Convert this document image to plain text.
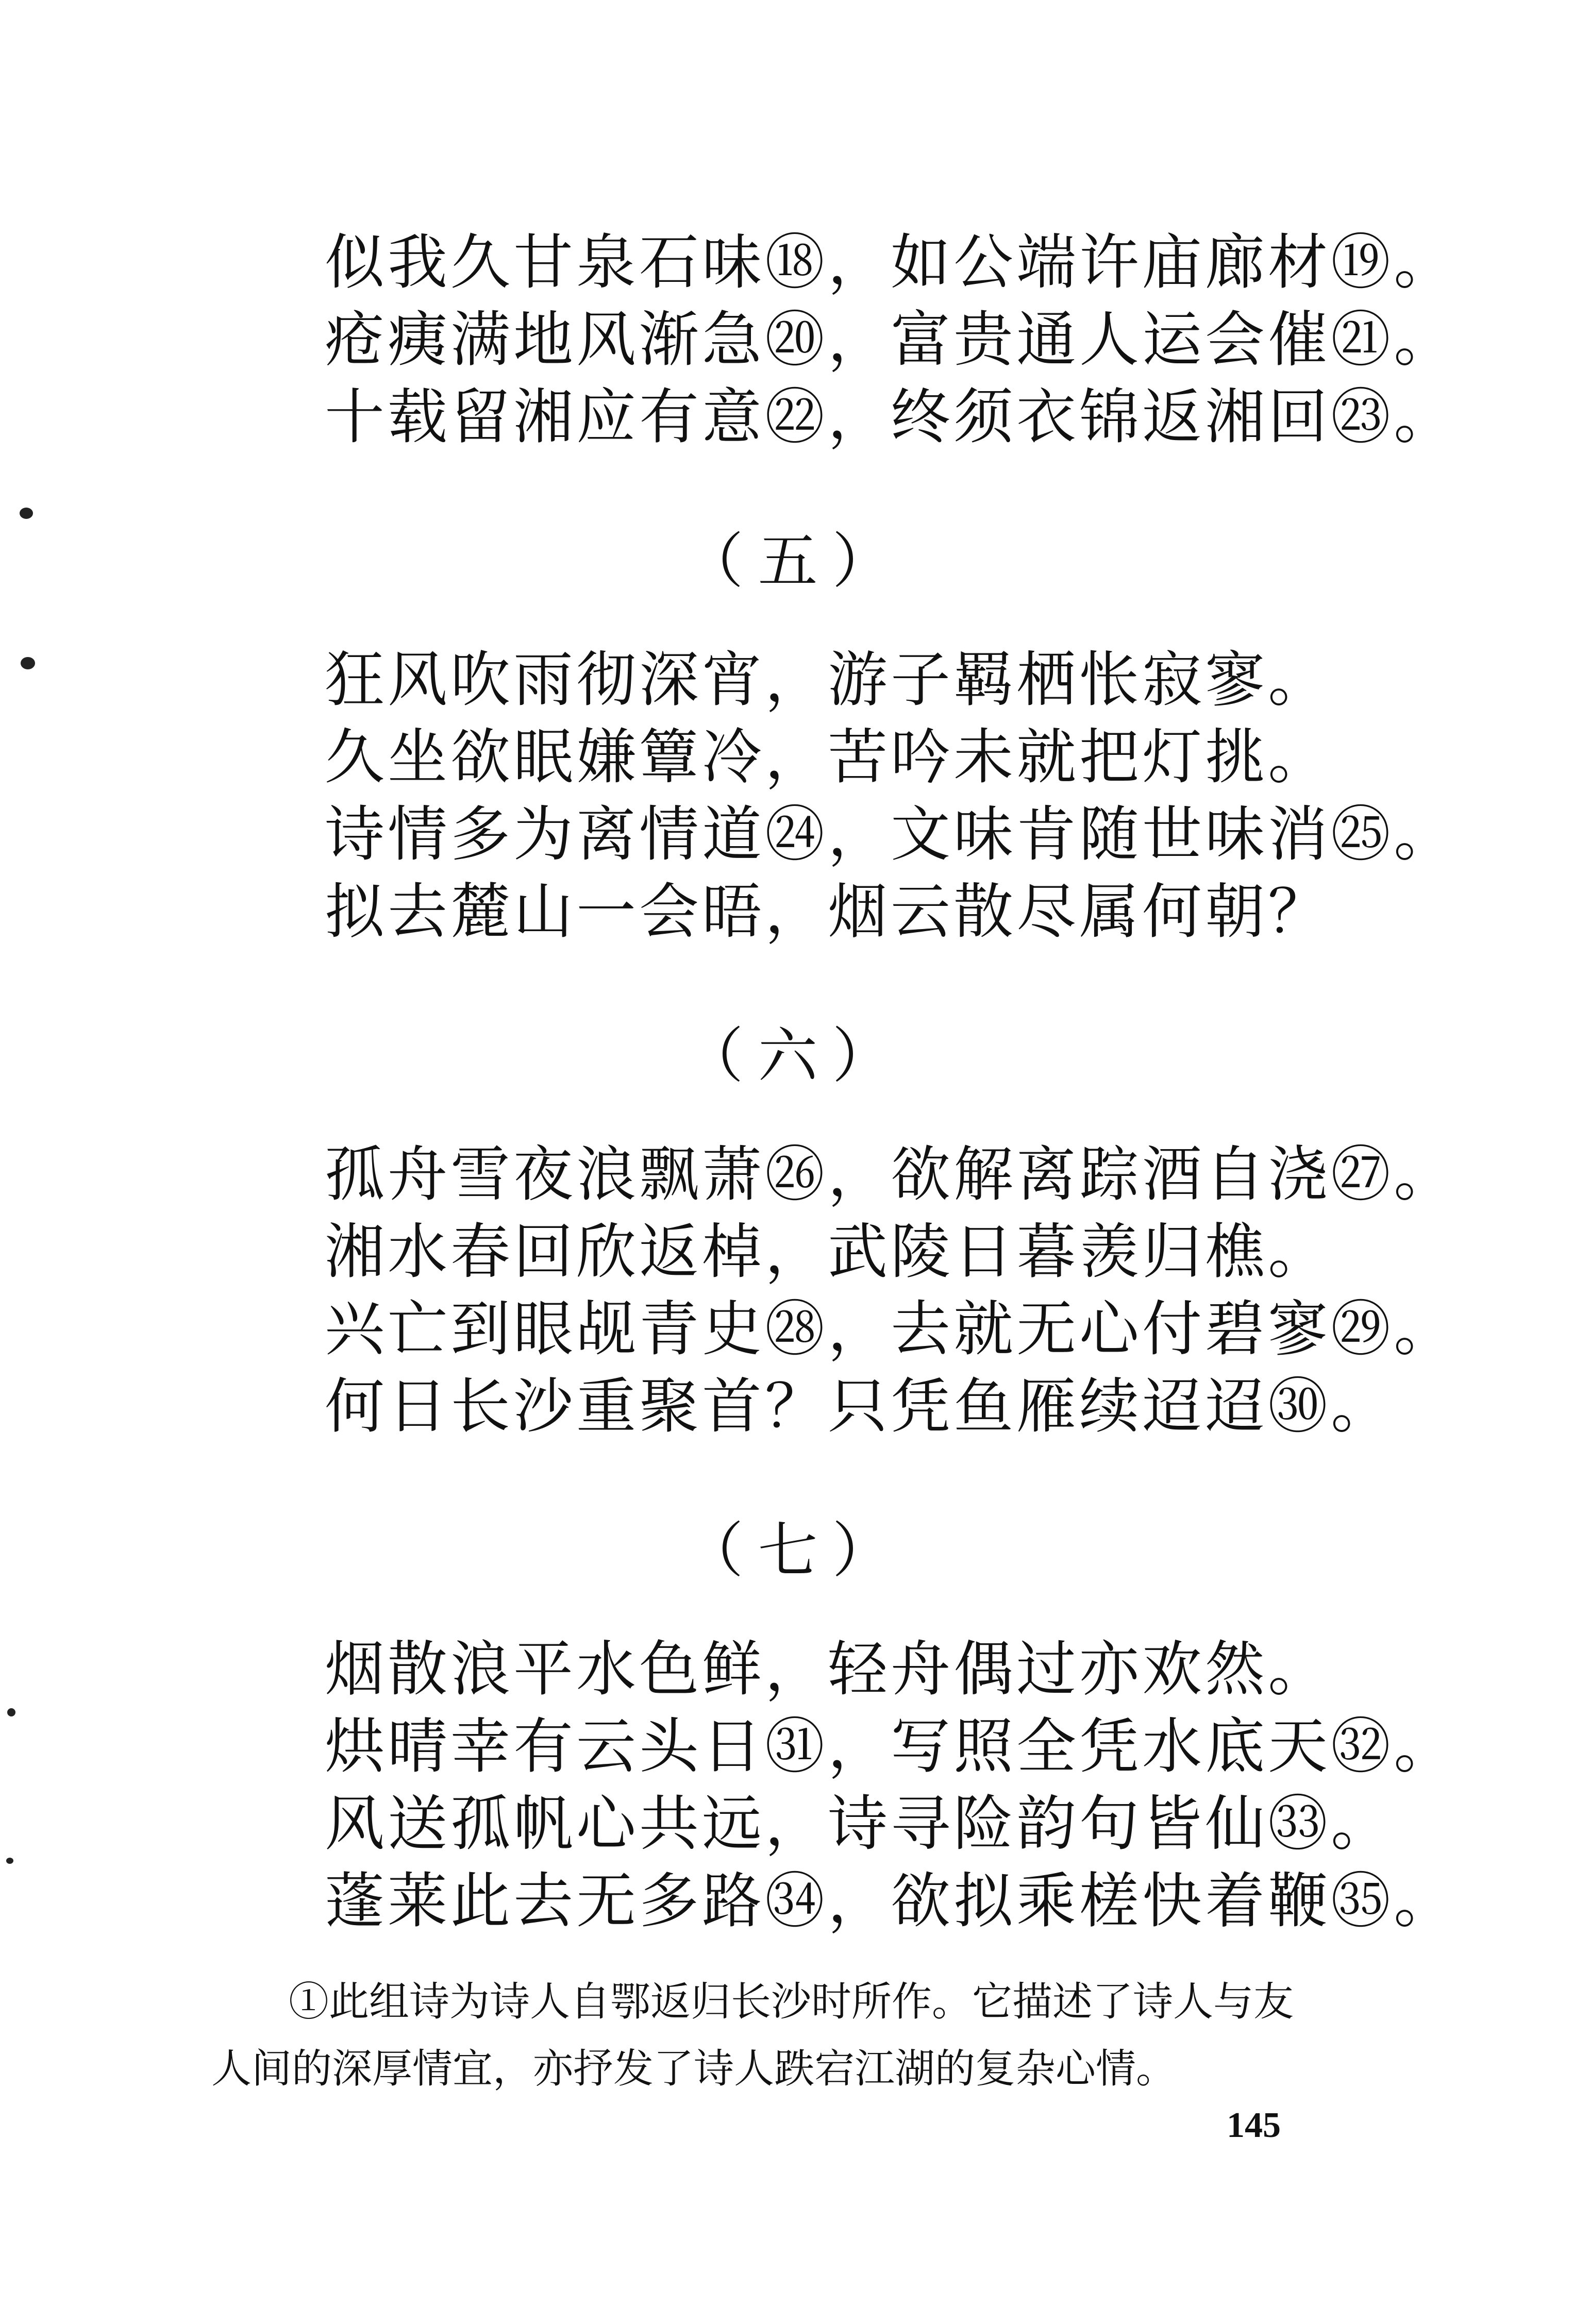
似我久甘泉石味⑱，如公端许庙廊材⑲。
疮痍满地风渐急⑳，富贵通人运会催㉑。
十载留湘应有意㉒，终须衣锦返湘回㉓。
（五）
狂风吹雨彻深宵，游子羁栖怅寂寥。
久坐欲眠嫌簟冷，苦吟未就把灯挑。
诗情多为离情道㉔，文味肯随世味消㉕。
拟去麓山一会晤，烟云散尽属何朝？
（六）
孤舟雪夜浪飘萧㉖，欲解离踪酒自浇㉗。
湘水春回欣返棹，武陵日暮羡归樵。
兴亡到眼觇青史㉘，去就无心付碧寥㉙。
何日长沙重聚首？只凭鱼雁续迢迢㉚。
（七）
烟散浪平水色鲜，轻舟偶过亦欢然。
烘晴幸有云头日㉛，写照全凭水底天㉜。
风送孤帆心共远，诗寻险韵句皆仙㉝。
蓬莱此去无多路㉞，欲拟乘槎快着鞭㉟。
①此组诗为诗人自鄂返归长沙时所作。它描述了诗人与友
人间的深厚情宜，亦抒发了诗人跌宕江湖的复杂心情。
145
